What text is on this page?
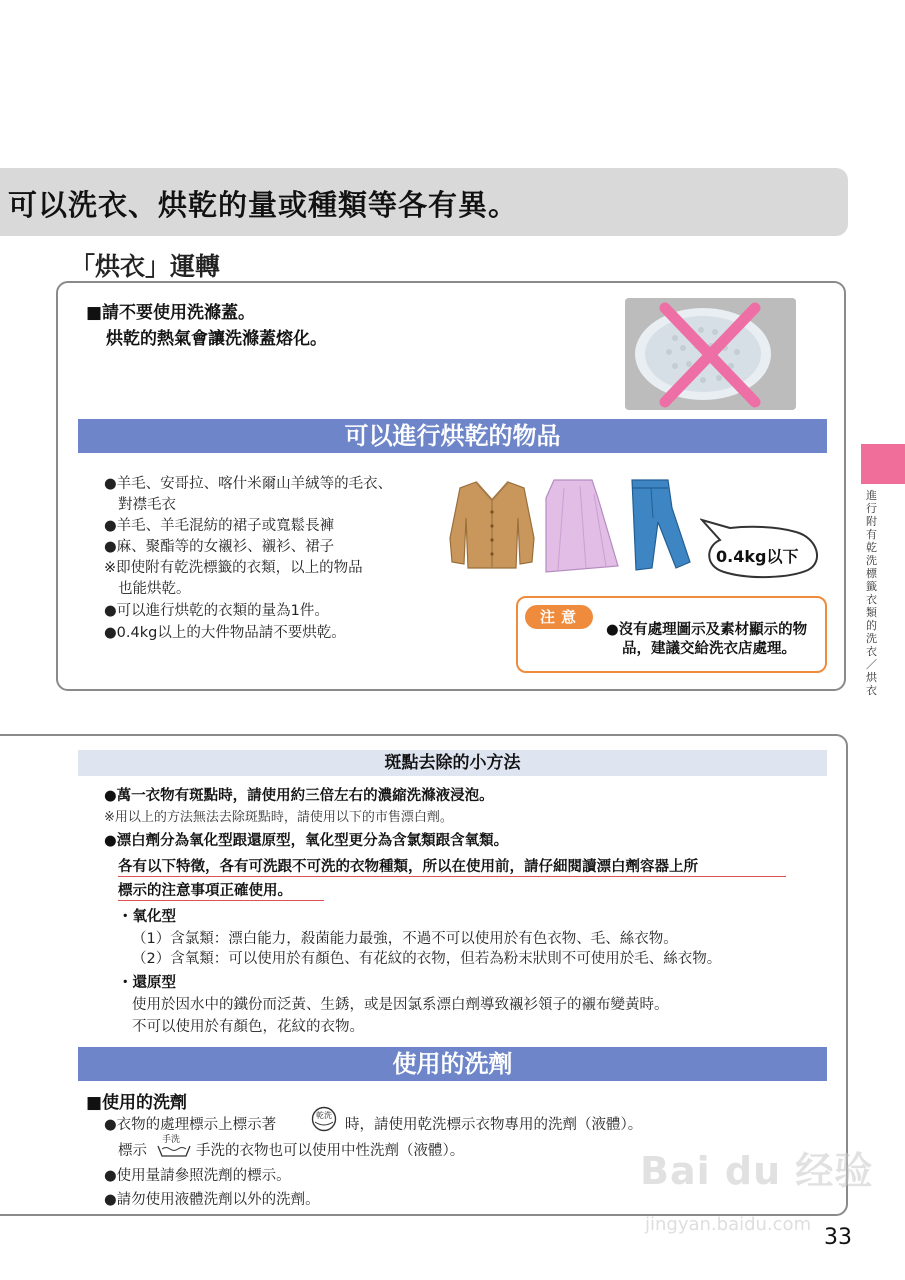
可以洗衣、烘乾的量或種類等各有異。
「烘衣」運轉
■請不要使用洗滌蓋。
烘乾的熱氣會讓洗滌蓋熔化。
可以進行烘乾的物品
●羊毛、安哥拉、喀什米爾山羊絨等的毛衣、
對襟毛衣
●羊毛、羊毛混紡的裙子或寬鬆長褲
●麻、聚酯等的女襯衫、襯衫、裙子
※即使附有乾洗標籤的衣類，以上的物品
也能烘乾。
●可以進行烘乾的衣類的量為1件。
●0.4kg以上的大件物品請不要烘乾。
0.4kg以下
注意
●沒有處理圖示及素材顯示的物
品，建議交給洗衣店處理。
進行附有乾洗標籤衣類的洗衣／烘衣
斑點去除的小方法
●萬一衣物有斑點時，請使用約三倍左右的濃縮洗滌液浸泡。
※用以上的方法無法去除斑點時，請使用以下的市售漂白劑。
●漂白劑分為氧化型跟還原型，氧化型更分為含氯類跟含氧類。
各有以下特徵，各有可洗跟不可洗的衣物種類，所以在使用前，請仔細閱讀漂白劑容器上所
標示的注意事項正確使用。
・氧化型
（1）含氯類：漂白能力，殺菌能力最強，不過不可以使用於有色衣物、毛、絲衣物。
（2）含氧類：可以使用於有顏色、有花紋的衣物，但若為粉末狀則不可使用於毛、絲衣物。
・還原型
使用於因水中的鐵份而泛黃、生銹，或是因氯系漂白劑導致襯衫領子的襯布變黃時。
不可以使用於有顏色，花紋的衣物。
使用的洗劑
■使用的洗劑
●衣物的處理標示上標示著
乾洗
時，請使用乾洗標示衣物專用的洗劑（液體）。
標示
手洗
手洗的衣物也可以使用中性洗劑（液體）。
●使用量請參照洗劑的標示。
●請勿使用液體洗劑以外的洗劑。
Bai du 经验
jingyan.baidu.com
33
